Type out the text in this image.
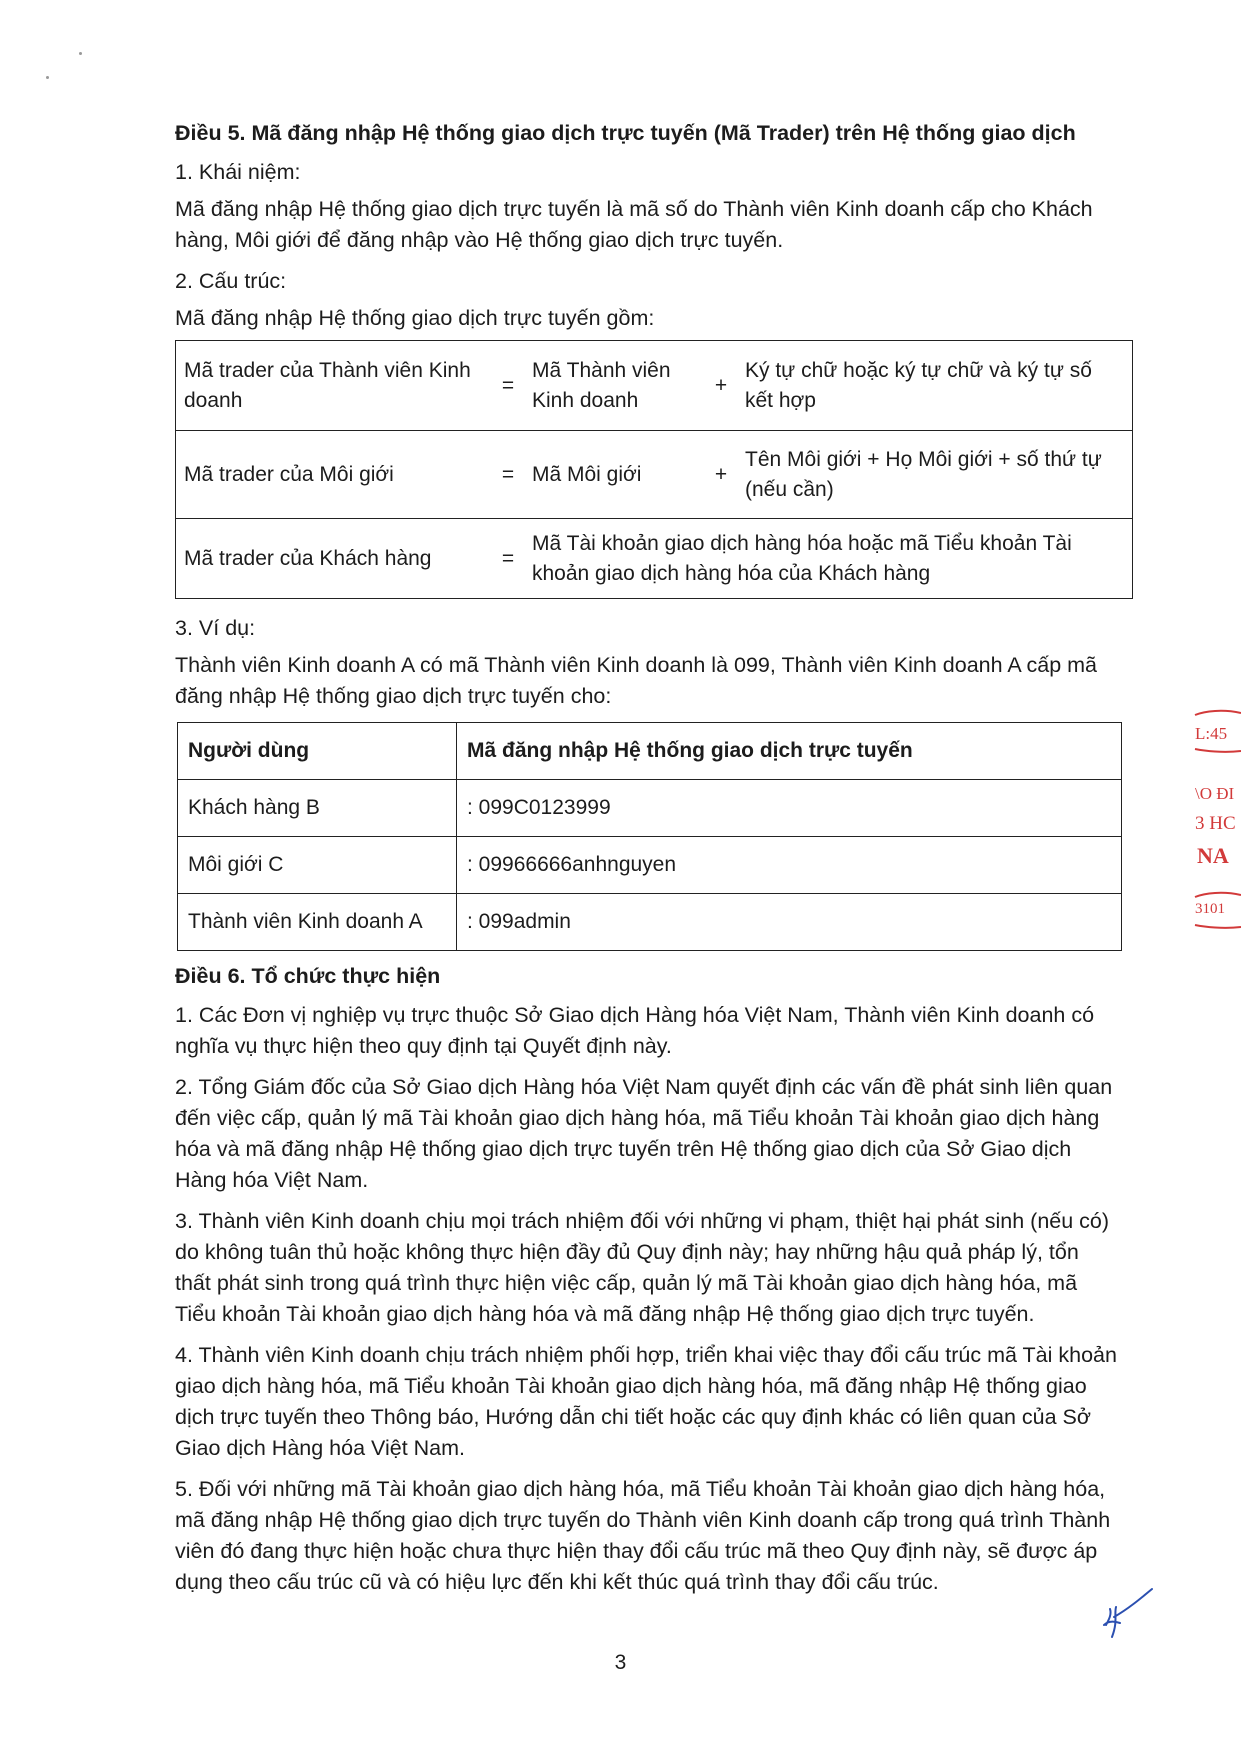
Điều 5. Mã đăng nhập Hệ thống giao dịch trực tuyến (Mã Trader) trên Hệ thống giao dịch
1. Khái niệm:
Mã đăng nhập Hệ thống giao dịch trực tuyến là mã số do Thành viên Kinh doanh cấp cho Khách hàng, Môi giới để đăng nhập vào Hệ thống giao dịch trực tuyến.
2. Cấu trúc:
Mã đăng nhập Hệ thống giao dịch trực tuyến gồm:
Mã trader của Thành viên Kinh doanh	=	Mã Thành viên Kinh doanh	+	Ký tự chữ hoặc ký tự chữ và ký tự số kết hợp
Mã trader của Môi giới	=	Mã Môi giới	+	Tên Môi giới + Họ Môi giới + số thứ tự (nếu cần)
Mã trader của Khách hàng	=	Mã Tài khoản giao dịch hàng hóa hoặc mã Tiểu khoản Tài khoản giao dịch hàng hóa của Khách hàng		
3. Ví dụ:
Thành viên Kinh doanh A có mã Thành viên Kinh doanh là 099, Thành viên Kinh doanh A cấp mã đăng nhập Hệ thống giao dịch trực tuyến cho:
Người dùng	Mã đăng nhập Hệ thống giao dịch trực tuyến
Khách hàng B	: 099C0123999
Môi giới C	: 09966666anhnguyen
Thành viên Kinh doanh A	: 099admin
Điều 6. Tổ chức thực hiện
1. Các Đơn vị nghiệp vụ trực thuộc Sở Giao dịch Hàng hóa Việt Nam, Thành viên Kinh doanh có nghĩa vụ thực hiện theo quy định tại Quyết định này.
2. Tổng Giám đốc của Sở Giao dịch Hàng hóa Việt Nam quyết định các vấn đề phát sinh liên quan đến việc cấp, quản lý mã Tài khoản giao dịch hàng hóa, mã Tiểu khoản Tài khoản giao dịch hàng hóa và mã đăng nhập Hệ thống giao dịch trực tuyến trên Hệ thống giao dịch của Sở Giao dịch Hàng hóa Việt Nam.
3. Thành viên Kinh doanh chịu mọi trách nhiệm đối với những vi phạm, thiệt hại phát sinh (nếu có) do không tuân thủ hoặc không thực hiện đầy đủ Quy định này; hay những hậu quả pháp lý, tổn thất phát sinh trong quá trình thực hiện việc cấp, quản lý mã Tài khoản giao dịch hàng hóa, mã Tiểu khoản Tài khoản giao dịch hàng hóa và mã đăng nhập Hệ thống giao dịch trực tuyến.
4. Thành viên Kinh doanh chịu trách nhiệm phối hợp, triển khai việc thay đổi cấu trúc mã Tài khoản giao dịch hàng hóa, mã Tiểu khoản Tài khoản giao dịch hàng hóa, mã đăng nhập Hệ thống giao dịch trực tuyến theo Thông báo, Hướng dẫn chi tiết hoặc các quy định khác có liên quan của Sở Giao dịch Hàng hóa Việt Nam.
5. Đối với những mã Tài khoản giao dịch hàng hóa, mã Tiểu khoản Tài khoản giao dịch hàng hóa, mã đăng nhập Hệ thống giao dịch trực tuyến do Thành viên Kinh doanh cấp trong quá trình Thành viên đó đang thực hiện hoặc chưa thực hiện thay đổi cấu trúc mã theo Quy định này, sẽ được áp dụng theo cấu trúc cũ và có hiệu lực đến khi kết thúc quá trình thay đổi cấu trúc.
3
L:45
\O ĐI
3 HC
NA
3101
